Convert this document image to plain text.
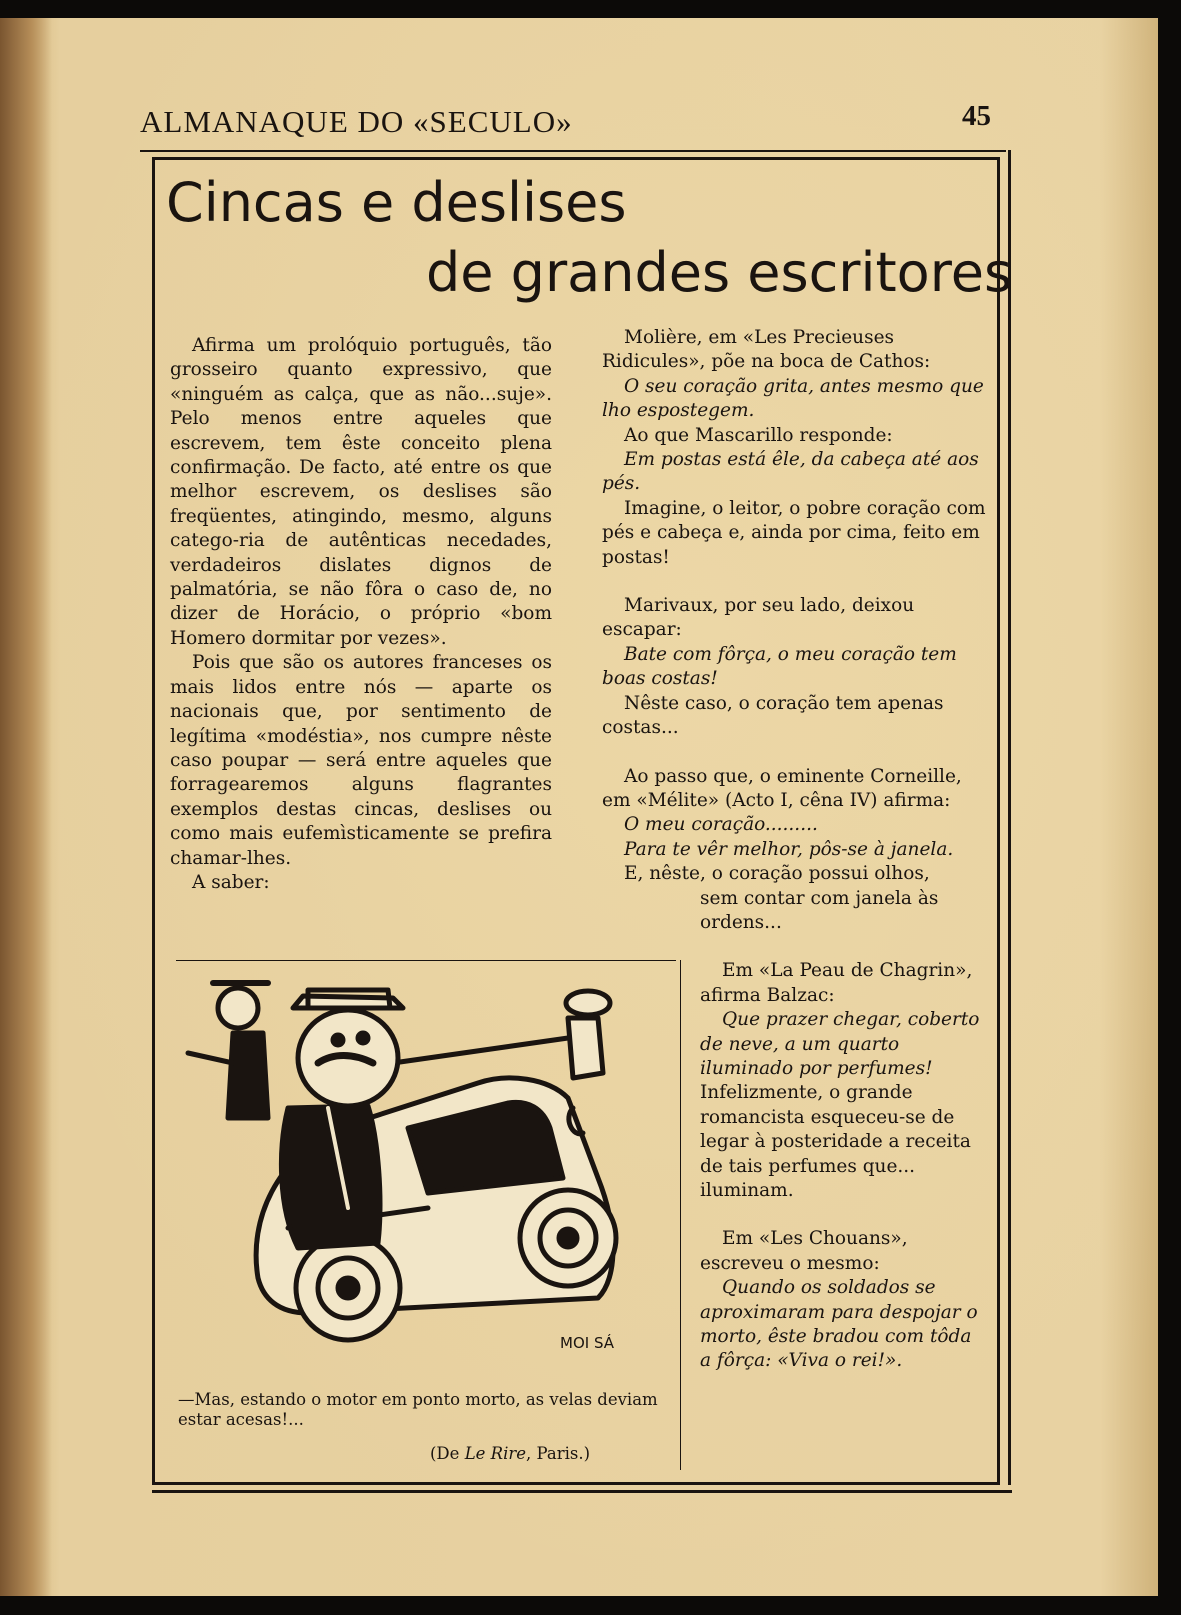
ALMANAQUE DO «SECULO»	45
Cincas e deslises
de grandes escritores

Afirma um prolóquio português, tão grosseiro quanto expressivo, que «ninguém as calça, que as não...suje». Pelo menos entre aqueles que escrevem, tem êste conceito plena confirmação. De facto, até entre os que melhor escrevem, os deslises são freqüentes, atingindo, mesmo, alguns catego-ria de autênticas necedades, verdadeiros dislates dignos de palmatória, se não fôra o caso de, no dizer de Horácio, o próprio «bom Homero dormitar por vezes».

Pois que são os autores franceses os mais lidos entre nós — aparte os nacionais que, por sentimento de legítima «modéstia», nos cumpre nêste caso poupar — será entre aqueles que forragearemos alguns flagrantes exemplos destas cincas, deslises ou como mais eufemìsticamente se prefira chamar-lhes.

A saber:

Molière, em «Les Precieuses Ridicules», põe na boca de Cathos:

O seu coração grita, antes mesmo que lho espostegem.

Ao que Mascarillo responde:

Em postas está êle, da cabeça até aos pés.

Imagine, o leitor, o pobre coração com pés e cabeça e, ainda por cima, feito em postas!

Marivaux, por seu lado, deixou escapar:

Bate com fôrça, o meu coração tem boas costas!

Nêste caso, o coração tem apenas costas...

Ao passo que, o eminente Corneille, em «Mélite» (Acto I, cêna IV) afirma:

O meu coração.........

Para te vêr melhor, pôs-se à janela.

E, nêste, o coração possui olhos,

sem contar com janela às ordens...

Em «La Peau de Chagrin», afirma Balzac:

Que prazer chegar, coberto de neve, a um quarto iluminado por perfumes!

Infelizmente, o grande romancista esqueceu-se de legar à posteridade a receita de tais perfumes que... iluminam.

Em «Les Chouans», escreveu o mesmo:

Quando os soldados se aproximaram para despojar o morto, êste bradou com tôda a fôrça: «Viva o rei!».

MOI SÁ
—Mas, estando o motor em ponto morto, as velas deviam estar acesas!...
(De Le Rire, Paris.)
